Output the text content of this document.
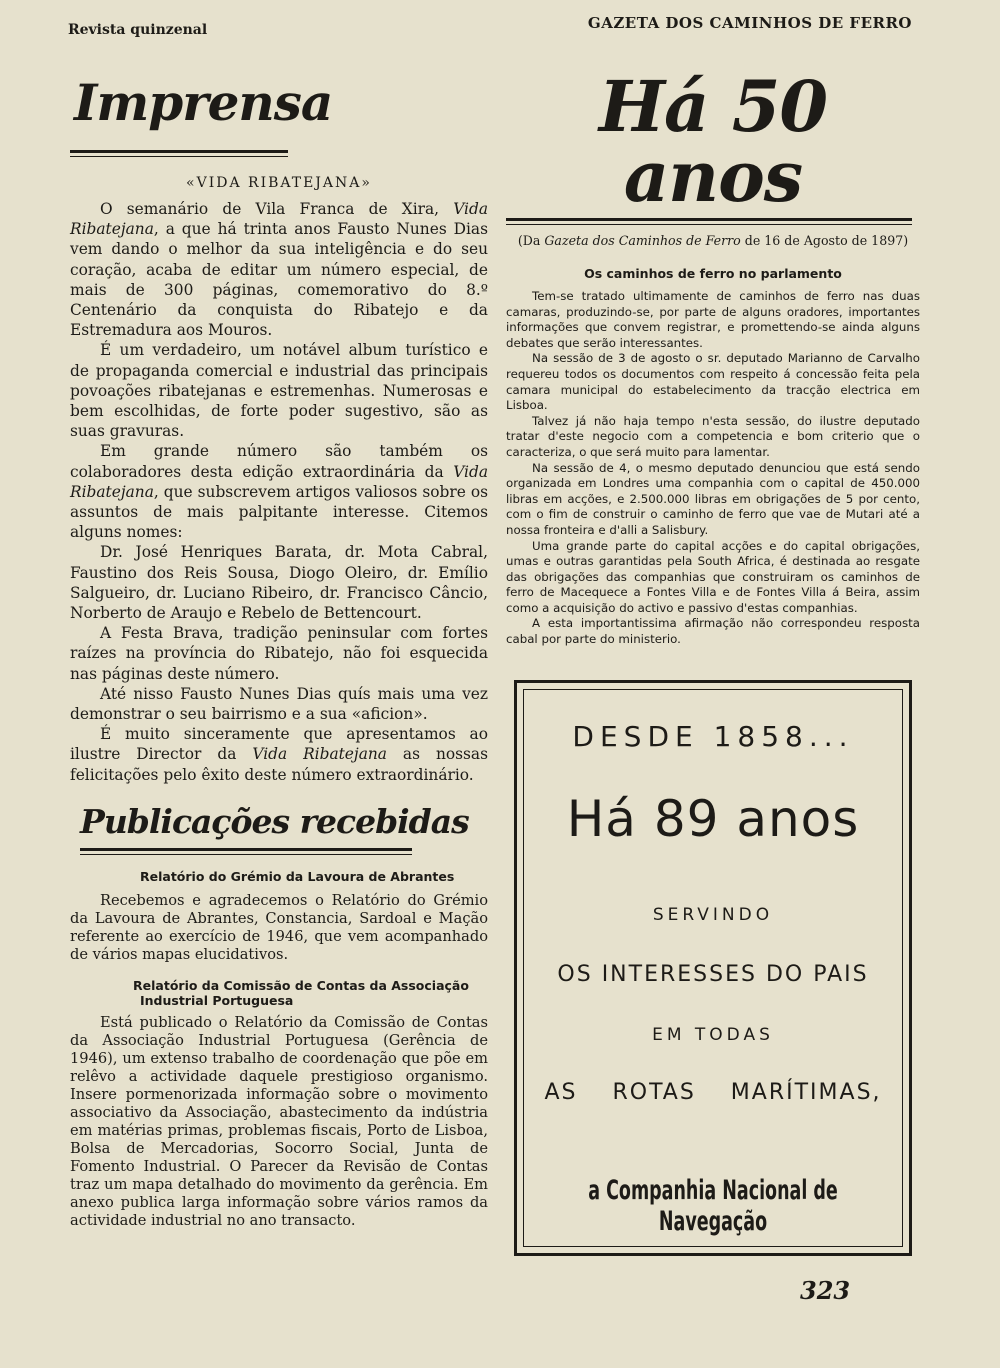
Revista quinzenal	GAZETA DOS CAMINHOS DE FERRO
Imprensa
«VIDA RIBATEJANA»

O semanário de Vila Franca de Xira, Vida Ribatejana, a que há trinta anos Fausto Nunes Dias vem dando o melhor da sua inteligência e do seu coração, acaba de editar um número especial, de mais de 300 páginas, comemorativo do 8.º Centenário da conquista do Ribatejo e da Estremadura aos Mouros.

É um verdadeiro, um notável album turístico e de propaganda comercial e industrial das principais povoações ribatejanas e estremenhas. Numerosas e bem escolhidas, de forte poder sugestivo, são as suas gravuras.

Em grande número são também os colaboradores desta edição extraordinária da Vida Ribatejana, que subscrevem artigos valiosos sobre os assuntos de mais palpitante interesse. Citemos alguns nomes:

Dr. José Henriques Barata, dr. Mota Cabral, Faustino dos Reis Sousa, Diogo Oleiro, dr. Emílio Salgueiro, dr. Luciano Ribeiro, dr. Francisco Câncio, Norberto de Araujo e Rebelo de Bettencourt.

A Festa Brava, tradição peninsular com fortes raízes na província do Ribatejo, não foi esquecida nas páginas deste número.

Até nisso Fausto Nunes Dias quís mais uma vez demonstrar o seu bairrismo e a sua «aficion».

É muito sinceramente que apresentamos ao ilustre Director da Vida Ribatejana as nossas felicitações pelo êxito deste número extraordinário.

Publicações recebidas
Relatório do Grémio da Lavoura de Abrantes

Recebemos e agradecemos o Relatório do Grémio da Lavoura de Abrantes, Constancia, Sardoal e Mação referente ao exercício de 1946, que vem acompanhado de vários mapas elucidativos.

Relatório da Comissão de Contas da Associação
Industrial Portuguesa

Está publicado o Relatório da Comissão de Contas da Associação Industrial Portuguesa (Gerência de 1946), um extenso trabalho de coordenação que põe em relêvo a actividade daquele prestigioso organismo. Insere pormenorizada informação sobre o movimento associativo da Associação, abastecimento da indústria em matérias primas, problemas fiscais, Porto de Lisboa, Bolsa de Mercadorias, Socorro Social, Junta de Fomento Industrial. O Parecer da Revisão de Contas traz um mapa detalhado do movimento da gerência. Em anexo publica larga informação sobre vários ramos da actividade industrial no ano transacto.

Há 50 anos
(Da Gazeta dos Caminhos de Ferro de 16 de Agosto de 1897)
Os caminhos de ferro no parlamento

Tem-se tratado ultimamente de caminhos de ferro nas duas camaras, produzindo-se, por parte de alguns oradores, importantes informações que convem registrar, e promettendo-se ainda alguns debates que serão interessantes.

Na sessão de 3 de agosto o sr. deputado Marianno de Carvalho requereu todos os documentos com respeito á concessão feita pela camara municipal do estabelecimento da tracção electrica em Lisboa.

Talvez já não haja tempo n'esta sessão, do ilustre deputado tratar d'este negocio com a competencia e bom criterio que o caracteriza, o que será muito para lamentar.

Na sessão de 4, o mesmo deputado denunciou que está sendo organizada em Londres uma companhia com o capital de 450.000 libras em acções, e 2.500.000 libras em obrigações de 5 por cento, com o fim de construir o caminho de ferro que vae de Mutari até a nossa fronteira e d'alli a Salisbury.

Uma grande parte do capital acções e do capital obrigações, umas e outras garantidas pela South Africa, é destinada ao resgate das obrigações das companhias que construiram os caminhos de ferro de Macequece a Fontes Villa e de Fontes Villa á Beira, assim como a acquisição do activo e passivo d'estas companhias.

A esta importantissima afirmação não correspondeu resposta cabal por parte do ministerio.

DESDE 1858...
Há 89 anos
SERVINDO
OS INTERESSES DO PAIS
EM TODAS
AS ROTAS MARÍTIMAS,
a Companhia Nacional de Navegação
323
